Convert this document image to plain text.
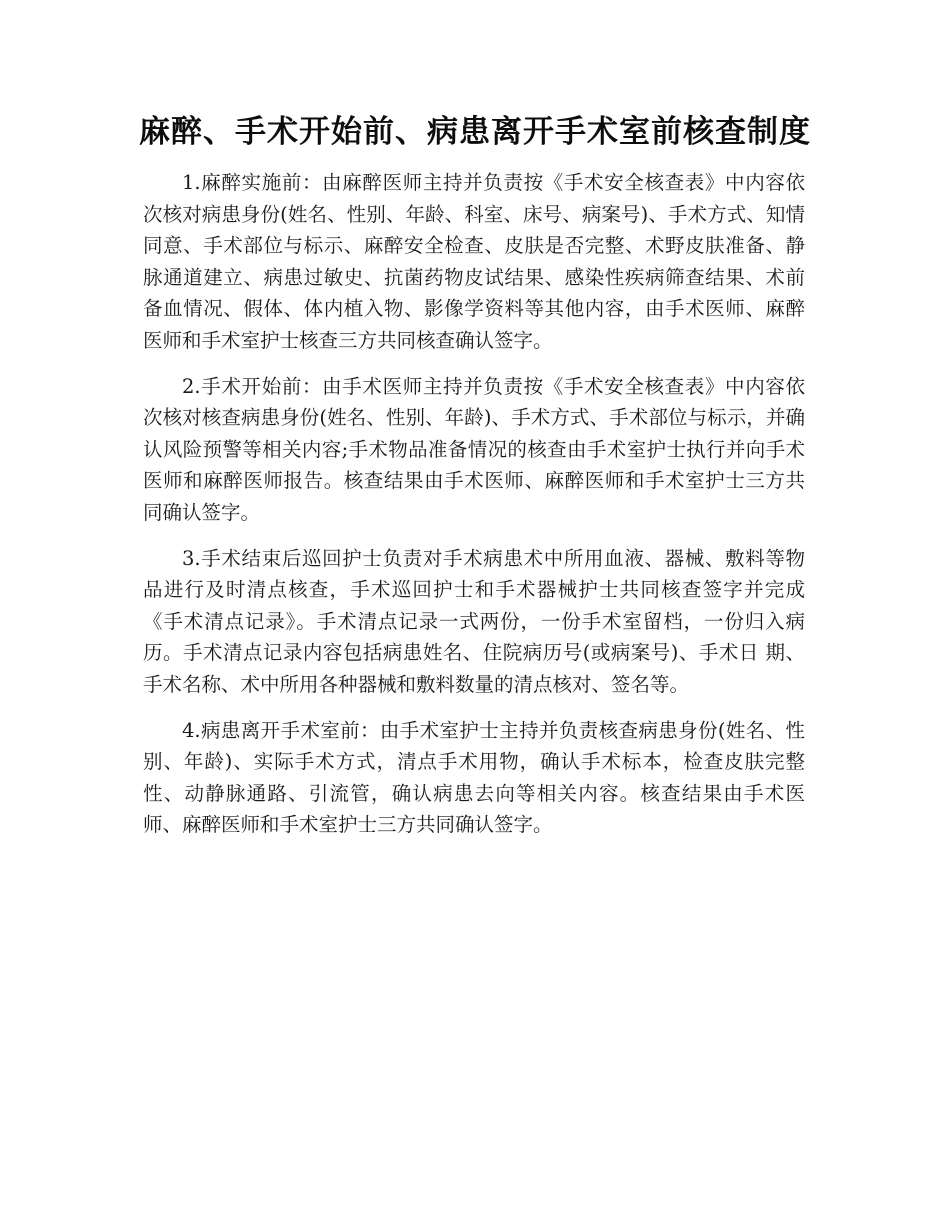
麻醉、手术开始前、病患离开手术室前核查制度

1.麻醉实施前：由麻醉医师主持并负责按《手术安全核查表》中内容依次核对病患身份(姓名、性别、年龄、科室、床号、病案号)、手术方式、知情同意、手术部位与标示、麻醉安全检查、皮肤是否完整、术野皮肤准备、静脉通道建立、病患过敏史、抗菌药物皮试结果、感染性疾病筛查结果、术前备血情况、假体、体内植入物、影像学资料等其他内容，由手术医师、麻醉医师和手术室护士核查三方共同核查确认签字。

2.手术开始前：由手术医师主持并负责按《手术安全核查表》中内容依次核对核查病患身份(姓名、性别、年龄)、手术方式、手术部位与标示，并确认风险预警等相关内容;手术物品准备情况的核查由手术室护士执行并向手术医师和麻醉医师报告。核查结果由手术医师、麻醉医师和手术室护士三方共同确认签字。

3.手术结束后巡回护士负责对手术病患术中所用血液、器械、敷料等物品进行及时清点核查，手术巡回护士和手术器械护士共同核查签字并完成《手术清点记录》。手术清点记录一式两份，一份手术室留档，一份归入病历。手术清点记录内容包括病患姓名、住院病历号(或病案号)、手术日 期、手术名称、术中所用各种器械和敷料数量的清点核对、签名等。

4.病患离开手术室前：由手术室护士主持并负责核查病患身份(姓名、性别、年龄)、实际手术方式，清点手术用物，确认手术标本，检查皮肤完整性、动静脉通路、引流管，确认病患去向等相关内容。核查结果由手术医师、麻醉医师和手术室护士三方共同确认签字。
